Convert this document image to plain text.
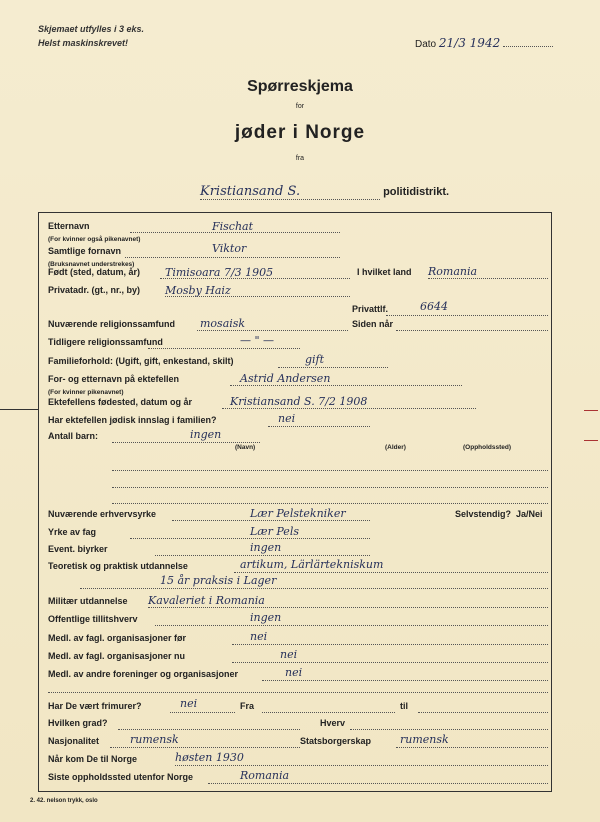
Skjemaet utfylles i 3 eks.
Helst maskinskrevet!	Dato 21/3 1942
Spørreskjema
for
jøder i Norge
fra
Kristiansand S.	politidistrikt.
Etternavn	Fischat
(For kvinner også pikenavnet)
Samtlige fornavn	Viktor
(Bruksnavnet understrekes)
Født (sted, datum, år) Timisoara 7/3 1905	I hvilket land Romania
Privatadr. (gt., nr., by) Mosby Haiz
Privattlf.	6644
Nuværende religionssamfund mosaisk	Siden når
Tidligere religionssamfund	— " —
Familieforhold: (Ugift, gift, enkestand, skilt)	gift
For- og etternavn på ektefellen	Astrid Andersen
(For kvinner pikenavnet)
Ektefellens fødested, datum og år	Kristiansand S. 7/2 1908
Har ektefellen jødisk innslag i familien?	nei
Antall barn:	ingen
(Navn)	(Alder)	(Oppholdssted)
Nuværende erhvervsyrke	Lær Pelstekniker	Selvstendig? Ja/Nei
Yrke av fag	Lær Pels
Event. biyrker	ingen
Teoretisk og praktisk utdannelse	artikum, Lärlärtekniskum
15 år praksis i Lager
Militær utdannelse Kavaleriet i Romania
Offentlige tillitshverv	ingen
Medl. av fagl. organisasjoner før	nei
Medl. av fagl. organisasjoner nu	nei
Medl. av andre foreninger og organisasjoner	nei
Har De vært frimurer?	nei	Fra	til
Hvilken grad?	Hverv
Nasjonalitet	rumensk	Statsborgerskap	rumensk
Når kom De til Norge	høsten 1930
Siste oppholdssted utenfor Norge	Romania
2. 42. nelson trykk, oslo
